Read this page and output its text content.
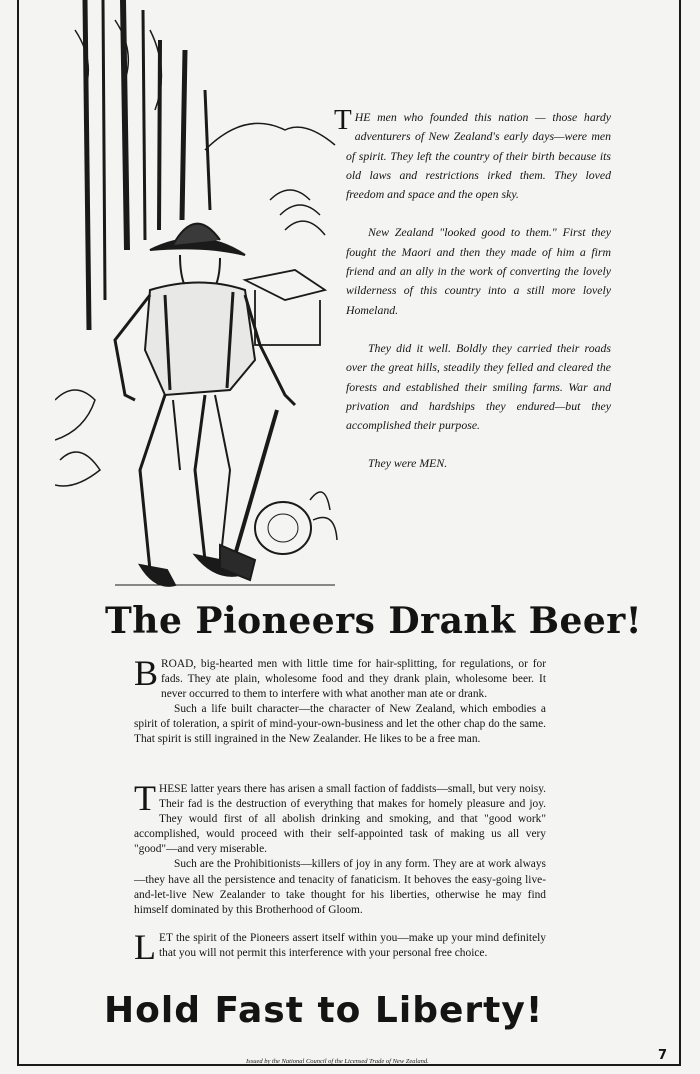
THE men who founded this nation — those hardy adventurers of New Zealand's early days—were men of spirit. They left the country of their birth because its old laws and restrictions irked them. They loved freedom and space and the open sky.

New Zealand "looked good to them." First they fought the Maori and then they made of him a firm friend and an ally in the work of converting the lovely wilderness of this country into a still more lovely Homeland.

They did it well. Boldly they carried their roads over the great hills, steadily they felled and cleared the forests and established their smiling farms. War and privation and hardships they endured—but they accomplished their purpose.

They were MEN.

The Pioneers Drank Beer!

BROAD, big-hearted men with little time for hair-splitting, for regulations, or for fads. They ate plain, wholesome food and they drank plain, wholesome beer. It never occurred to them to interfere with what another man ate or drank.

Such a life built character—the character of New Zealand, which embodies a spirit of toleration, a spirit of mind-your-own-business and let the other chap do the same. That spirit is still ingrained in the New Zealander. He likes to be a free man.

THESE latter years there has arisen a small faction of faddists—small, but very noisy. Their fad is the destruction of everything that makes for homely pleasure and joy. They would first of all abolish drinking and smoking, and that "good work" accomplished, would proceed with their self-appointed task of making us all very "good"—and very miserable.

Such are the Prohibitionists—killers of joy in any form. They are at work always—they have all the persistence and tenacity of fanaticism. It behoves the easy-going live-and-let-live New Zealander to take thought for his liberties, otherwise he may find himself dominated by this Brotherhood of Gloom.

LET the spirit of the Pioneers assert itself within you—make up your mind definitely that you will not permit this interference with your personal free choice.

Hold Fast to Liberty!

Issued by the National Council of the Licensed Trade of New Zealand.	7
